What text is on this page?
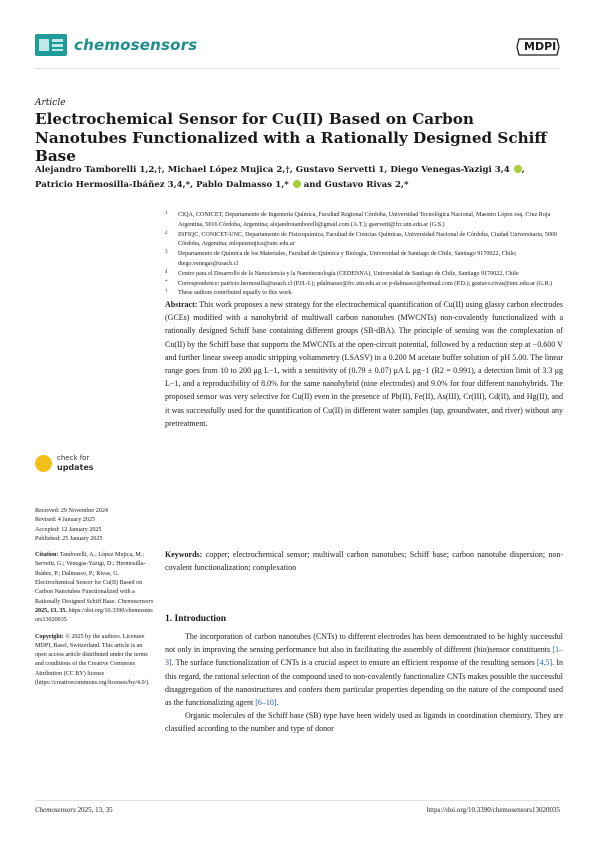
chemosensors	MDPI
Article
Electrochemical Sensor for Cu(II) Based on Carbon Nanotubes Functionalized with a Rationally Designed Schiff Base
Alejandro Tamborelli 1,2,†, Michael López Mujica 2,†, Gustavo Servetti 1, Diego Venegas-Yazigi 3,4 ,
Patricio Hermosilla-Ibáñez 3,4,*, Pablo Dalmasso 1,* and Gustavo Rivas 2,*
1 CIQA, CONICET, Departamento de Ingeniería Química, Facultad Regional Córdoba, Universidad Tecnológica Nacional, Maestro López esq. Cruz Roja Argentina, 5016 Córdoba, Argentina; alejandrotamborelli@gmail.com (A.T.); gservetti@frc.utn.edu.ar (G.S.)
2 INFIQC, CONICET-UNC, Departamento de Fisicoquímica, Facultad de Ciencias Químicas, Universidad Nacional de Córdoba, Ciudad Universitaria, 5000 Córdoba, Argentina; mlopezmujica@unc.edu.ar
3 Departamento de Química de los Materiales, Facultad de Química y Biología, Universidad de Santiago de Chile, Santiago 9170022, Chile; diego.venegas@usach.cl
4 Centro para el Desarrollo de la Nanociencia y la Nanotecnología (CEDENNA), Universidad de Santiago de Chile, Santiago 9170022, Chile
* Correspondence: patricio.hermosilla@usach.cl (P.H.-I.); pdalmasso@frc.utn.edu.ar or p-dalmasso@hotmail.com (P.D.); gustavo.rivas@unc.edu.ar (G.R.)
† These authors contributed equally to this work.
Abstract: This work proposes a new strategy for the electrochemical quantification of Cu(II) using glassy carbon electrodes (GCEs) modified with a nanohybrid of multiwall carbon nanotubes (MWCNTs) non-covalently functionalized with a rationally designed Schiff base containing different groups (SB-dBA). The principle of sensing was the complexation of Cu(II) by the Schiff base that supports the MWCNTs at the open-circuit potential, followed by a reduction step at −0.600 V and further linear sweep anodic stripping voltammetry (LSASV) in a 0.200 M acetate buffer solution of pH 5.00. The linear range goes from 10 to 200 μg L−1, with a sensitivity of (0.79 ± 0.07) μA L μg−1 (R2 = 0.991), a detection limit of 3.3 μg L−1, and a reproducibility of 8.0% for the same nanohybrid (nine electrodes) and 9.0% for four different nanohybrids. The proposed sensor was very selective for Cu(II) even in the presence of Pb(II), Fe(II), As(III), Cr(III), Cd(II), and Hg(II), and it was successfully used for the quantification of Cu(II) in different water samples (tap, groundwater, and river) without any pretreatment.
Keywords: copper; electrochemical sensor; multiwall carbon nanotubes; Schiff base; carbon nanotube dispersion; non-covalent functionalization; complexation
1. Introduction

The incorporation of carbon nanotubes (CNTs) to different electrodes has been demonstrated to be highly successful not only in improving the sensing performance but also in facilitating the assembly of different (bio)sensor constituents [1–3]. The surface functionalization of CNTs is a crucial aspect to ensure an efficient response of the resulting sensors [4,5]. In this regard, the rational selection of the compound used to non-covalently functionalize CNTs makes possible the successful disaggregation of the nanostructures and confers them particular properties depending on the nature of the compound used as the functionalizing agent [6–10].

Organic molecules of the Schiff base (SB) type have been widely used as ligands in coordination chemistry. They are classified according to the number and type of donor

check for
updates
Received: 29 November 2024
Revised: 4 January 2025
Accepted: 12 January 2025
Published: 25 January 2025
Citation: Tamborelli, A.; López Mujica, M.; Servetti, G.; Venegas-Yazigi, D.; Hermosilla-Ibáñez, P.; Dalmasso, P.; Rivas, G. Electrochemical Sensor for Cu(II) Based on Carbon Nanotubes Functionalized with a Rationally Designed Schiff Base. Chemosensors 2025, 13, 35. https://doi.org/10.3390/chemosensors13020035
Copyright: © 2025 by the authors. Licensee MDPI, Basel, Switzerland. This article is an open access article distributed under the terms and conditions of the Creative Commons Attribution (CC BY) license (https://creativecommons.org/licenses/by/4.0/).
Chemosensors 2025, 13, 35	https://doi.org/10.3390/chemosensors13020035
